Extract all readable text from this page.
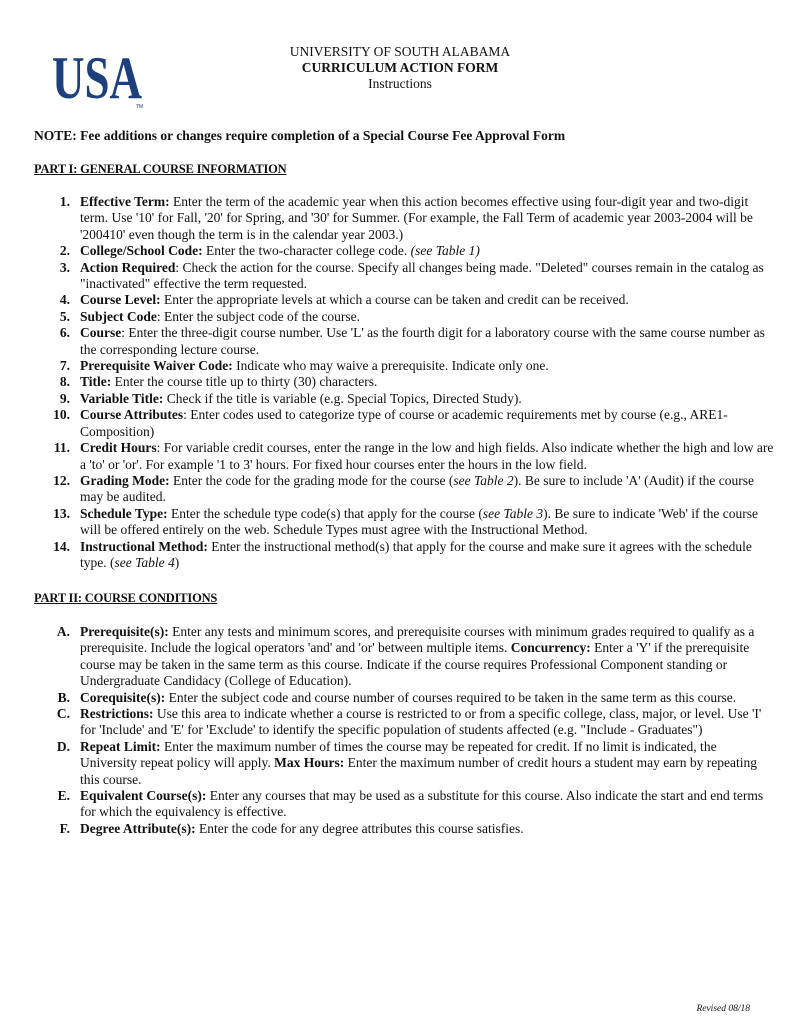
USA
TM
UNIVERSITY OF SOUTH ALABAMA
CURRICULUM ACTION FORM
Instructions
NOTE: Fee additions or changes require completion of a Special Course Fee Approval Form
PART I: GENERAL COURSE INFORMATION
1. Effective Term: Enter the term of the academic year when this action becomes effective using four-digit year and two-digit term. Use '10' for Fall, '20' for Spring, and '30' for Summer. (For example, the Fall Term of academic year 2003-2004 will be '200410' even though the term is in the calendar year 2003.)
2. College/School Code: Enter the two-character college code. (see Table 1)
3. Action Required: Check the action for the course. Specify all changes being made. "Deleted" courses remain in the catalog as "inactivated" effective the term requested.
4. Course Level: Enter the appropriate levels at which a course can be taken and credit can be received.
5. Subject Code: Enter the subject code of the course.
6. Course: Enter the three-digit course number. Use 'L' as the fourth digit for a laboratory course with the same course number as the corresponding lecture course.
7. Prerequisite Waiver Code: Indicate who may waive a prerequisite. Indicate only one.
8. Title: Enter the course title up to thirty (30) characters.
9. Variable Title: Check if the title is variable (e.g. Special Topics, Directed Study).
10. Course Attributes: Enter codes used to categorize type of course or academic requirements met by course (e.g., ARE1-Composition)
11. Credit Hours: For variable credit courses, enter the range in the low and high fields. Also indicate whether the high and low are a 'to' or 'or'. For example '1 to 3' hours. For fixed hour courses enter the hours in the low field.
12. Grading Mode: Enter the code for the grading mode for the course (see Table 2). Be sure to include 'A' (Audit) if the course may be audited.
13. Schedule Type: Enter the schedule type code(s) that apply for the course (see Table 3). Be sure to indicate 'Web' if the course will be offered entirely on the web. Schedule Types must agree with the Instructional Method.
14. Instructional Method: Enter the instructional method(s) that apply for the course and make sure it agrees with the schedule type. (see Table 4)
PART II: COURSE CONDITIONS
A. Prerequisite(s): Enter any tests and minimum scores, and prerequisite courses with minimum grades required to qualify as a prerequisite. Include the logical operators 'and' and 'or' between multiple items. Concurrency: Enter a 'Y' if the prerequisite course may be taken in the same term as this course. Indicate if the course requires Professional Component standing or Undergraduate Candidacy (College of Education).
B. Corequisite(s): Enter the subject code and course number of courses required to be taken in the same term as this course.
C. Restrictions: Use this area to indicate whether a course is restricted to or from a specific college, class, major, or level. Use 'I' for 'Include' and 'E' for 'Exclude' to identify the specific population of students affected (e.g. "Include - Graduates")
D. Repeat Limit: Enter the maximum number of times the course may be repeated for credit. If no limit is indicated, the University repeat policy will apply. Max Hours: Enter the maximum number of credit hours a student may earn by repeating this course.
E. Equivalent Course(s): Enter any courses that may be used as a substitute for this course. Also indicate the start and end terms for which the equivalency is effective.
F. Degree Attribute(s): Enter the code for any degree attributes this course satisfies.
Revised 08/18
